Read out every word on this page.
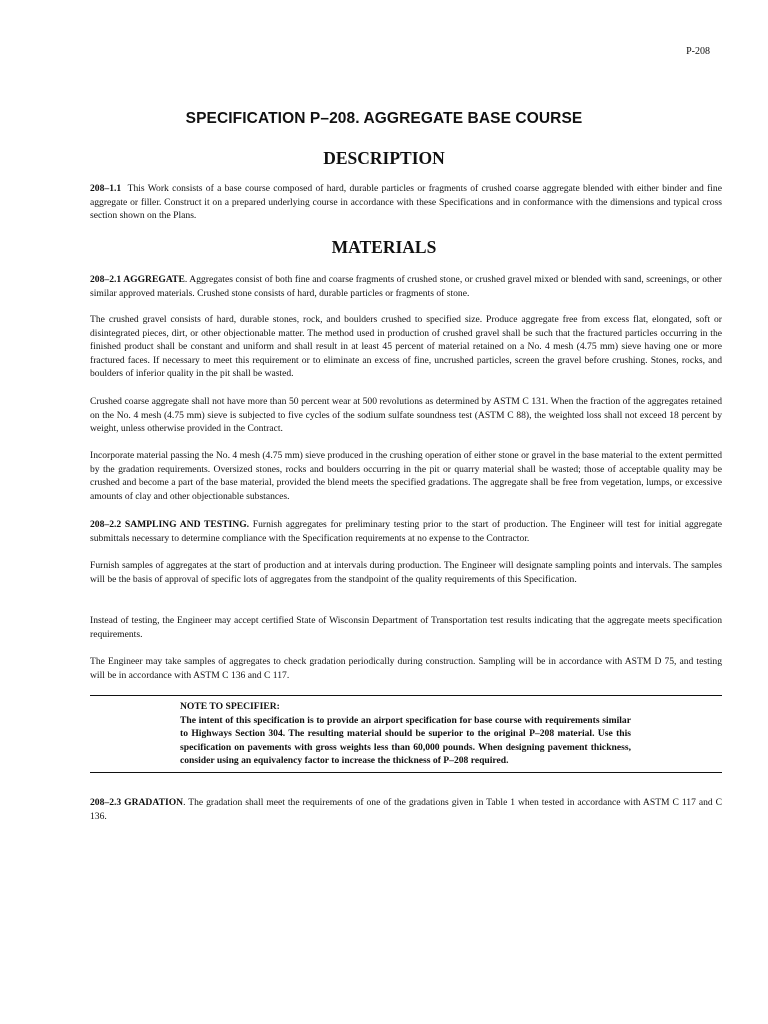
P-208
SPECIFICATION P–208. AGGREGATE BASE COURSE
DESCRIPTION

208–1.1 This Work consists of a base course composed of hard, durable particles or fragments of crushed coarse aggregate blended with either binder and fine aggregate or filler. Construct it on a prepared underlying course in accordance with these Specifications and in conformance with the dimensions and typical cross section shown on the Plans.

MATERIALS

208–2.1 AGGREGATE. Aggregates consist of both fine and coarse fragments of crushed stone, or crushed gravel mixed or blended with sand, screenings, or other similar approved materials. Crushed stone consists of hard, durable particles or fragments of stone.

The crushed gravel consists of hard, durable stones, rock, and boulders crushed to specified size. Produce aggregate free from excess flat, elongated, soft or disintegrated pieces, dirt, or other objectionable matter. The method used in production of crushed gravel shall be such that the fractured particles occurring in the finished product shall be constant and uniform and shall result in at least 45 percent of material retained on a No. 4 mesh (4.75 mm) sieve having one or more fractured faces. If necessary to meet this requirement or to eliminate an excess of fine, uncrushed particles, screen the gravel before crushing. Stones, rocks, and boulders of inferior quality in the pit shall be wasted.

Crushed coarse aggregate shall not have more than 50 percent wear at 500 revolutions as determined by ASTM C 131. When the fraction of the aggregates retained on the No. 4 mesh (4.75 mm) sieve is subjected to five cycles of the sodium sulfate soundness test (ASTM C 88), the weighted loss shall not exceed 18 percent by weight, unless otherwise provided in the Contract.

Incorporate material passing the No. 4 mesh (4.75 mm) sieve produced in the crushing operation of either stone or gravel in the base material to the extent permitted by the gradation requirements. Oversized stones, rocks and boulders occurring in the pit or quarry material shall be wasted; those of acceptable quality may be crushed and become a part of the base material, provided the blend meets the specified gradations. The aggregate shall be free from vegetation, lumps, or excessive amounts of clay and other objectionable substances.

208–2.2 SAMPLING AND TESTING. Furnish aggregates for preliminary testing prior to the start of production. The Engineer will test for initial aggregate submittals necessary to determine compliance with the Specification requirements at no expense to the Contractor.

Furnish samples of aggregates at the start of production and at intervals during production. The Engineer will designate sampling points and intervals. The samples will be the basis of approval of specific lots of aggregates from the standpoint of the quality requirements of this Specification.

Instead of testing, the Engineer may accept certified State of Wisconsin Department of Transportation test results indicating that the aggregate meets specification requirements.

The Engineer may take samples of aggregates to check gradation periodically during construction. Sampling will be in accordance with ASTM D 75, and testing will be in accordance with ASTM C 136 and C 117.

NOTE TO SPECIFIER:
The intent of this specification is to provide an airport specification for base course with requirements similar to Highways Section 304. The resulting material should be superior to the original P–208 material. Use this specification on pavements with gross weights less than 60,000 pounds. When designing pavement thickness, consider using an equivalency factor to increase the thickness of P–208 required.

208–2.3 GRADATION. The gradation shall meet the requirements of one of the gradations given in Table 1 when tested in accordance with ASTM C 117 and C 136.
